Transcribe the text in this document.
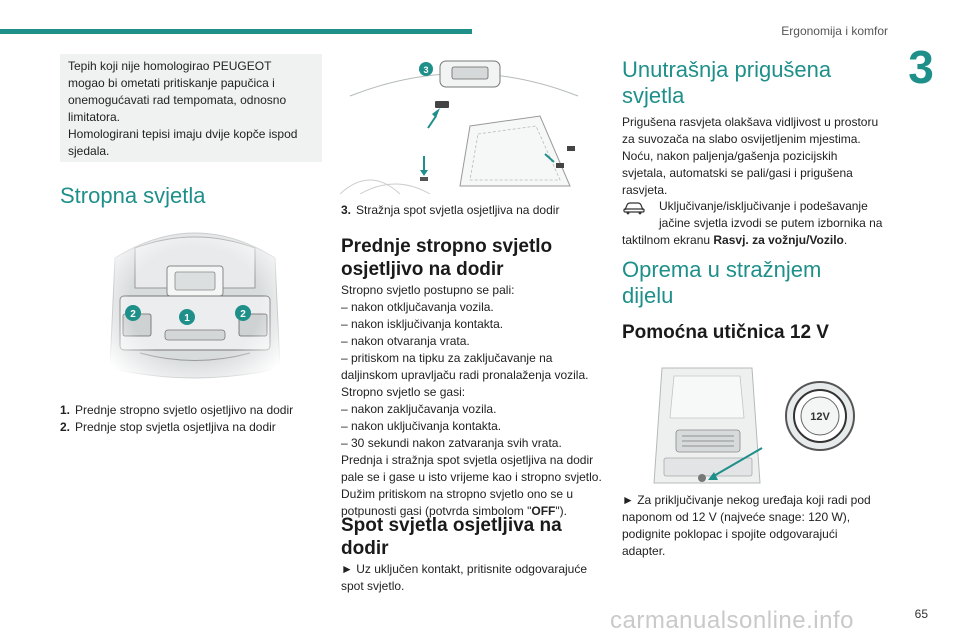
Ergonomija i komfor
3

Tepih koji nije homologirao PEUGEOT

mogao bi ometati pritiskanje papučica i

onemogućavati rad tempomata, odnosno

limitatora.

Homologirani tepisi imaju dvije kopče ispod

sjedala.

Stropna svjetla
2	1	2
1. Prednje stropno svjetlo osjetljivo na dodir
2. Prednje stop svjetla osjetljiva na dodir
3
3. Stražnja spot svjetla osjetljiva na dodir
Prednje stropno svjetlo
osjetljivo na dodir

Stropno svjetlo postupno se pali:

– nakon otključavanja vozila.

– nakon isključivanja kontakta.

– nakon otvaranja vrata.

– pritiskom na tipku za zaključavanje na

daljinskom upravljaču radi pronalaženja vozila.

Stropno svjetlo se gasi:

– nakon zaključavanja vozila.

– nakon uključivanja kontakta.

– 30 sekundi nakon zatvaranja svih vrata.

Prednja i stražnja spot svjetla osjetljiva na dodir

pale se i gase u isto vrijeme kao i stropno svjetlo.

Dužim pritiskom na stropno svjetlo ono se u

potpunosti gasi (potvrda simbolom "OFF").

Spot svjetla osjetljiva na
dodir

► Uz uključen kontakt, pritisnite odgovarajuće

spot svjetlo.

Unutrašnja prigušena
svjetla

Prigušena rasvjeta olakšava vidljivost u prostoru

za suvozača na slabo osvijetljenim mjestima.

Noću, nakon paljenja/gašenja pozicijskih

svjetala, automatski se pali/gasi i prigušena

rasvjeta.

Uključivanje/isključivanje i podešavanje

jačine svjetla izvodi se putem izbornika na

taktilnom ekranu Rasvj. za vožnju/Vozilo.

Oprema u stražnjem
dijelu
Pomoćna utičnica 12 V
12V

► Za priključivanje nekog uređaja koji radi pod

naponom od 12 V (najveće snage: 120 W),

podignite poklopac i spojite odgovarajući

adapter.

carmanualsonline.info	65
